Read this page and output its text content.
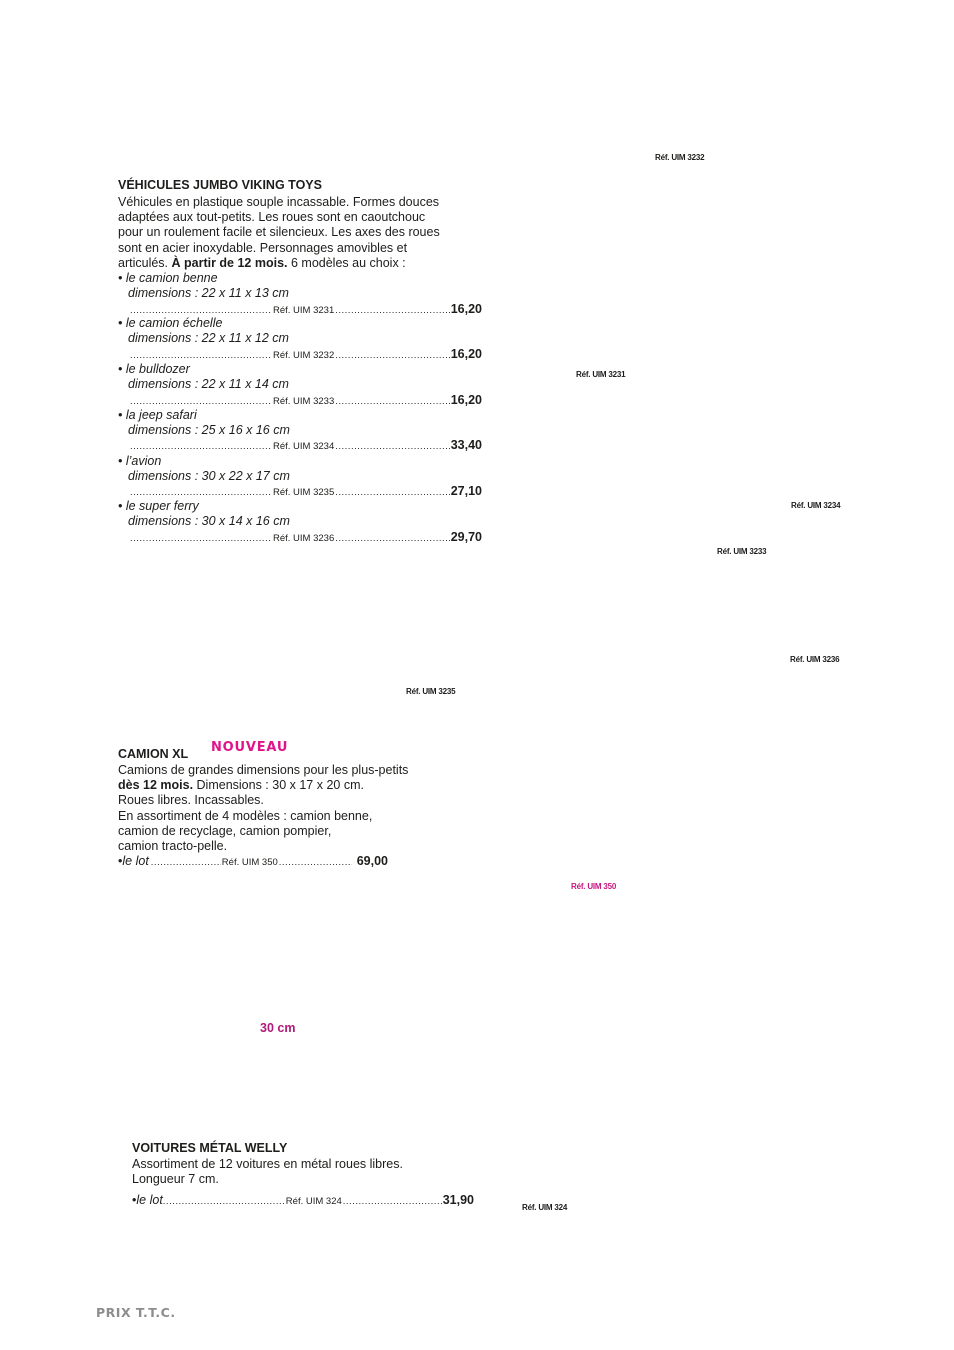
Réf. UIM 3232
Réf. UIM 3231
Réf. UIM 3234
Réf. UIM 3233
Réf. UIM 3236
Réf. UIM 3235
Réf. UIM 350
Réf. UIM 324
VÉHICULES JUMBO VIKING TOYS
Véhicules en plastique souple incassable. Formes douces
adaptées aux tout-petits. Les roues sont en caoutchouc
pour un roulement facile et silencieux. Les axes des roues
sont en acier inoxydable. Personnages amovibles et
articulés. À partir de 12 mois. 6 modèles au choix :
• le camion benne
dimensions : 22 x 11 x 13 cm
.....
Réf. UIM 3231 .....	16,20
• le camion échelle
dimensions : 22 x 11 x 12 cm
.....
Réf. UIM 3232 .....	16,20
• le bulldozer
dimensions : 22 x 11 x 14 cm
.....
Réf. UIM 3233 .....	16,20
• la jeep safari
dimensions : 25 x 16 x 16 cm
.....
Réf. UIM 3234 .....	33,40
• l’avion
dimensions : 30 x 22 x 17 cm
.....
Réf. UIM 3235 .....	27,10
• le super ferry
dimensions : 30 x 14 x 16 cm
.....
Réf. UIM 3236 .....	29,70
CAMION XL NOUVEAU
Camions de grandes dimensions pour les plus-petits
dès 12 mois. Dimensions : 30 x 17 x 20 cm.
Roues libres. Incassables.
En assortiment de 4 modèles : camion benne,
camion de recyclage, camion pompier,
camion tracto-pelle.
• le lot .....	Réf. UIM 350 .....	69,00
30 cm
VOITURES MÉTAL WELLY
Assortiment de 12 voitures en métal roues libres.
Longueur 7 cm.
• le lot .....	Réf. UIM 324 .....	31,90
PRIX T.T.C.
